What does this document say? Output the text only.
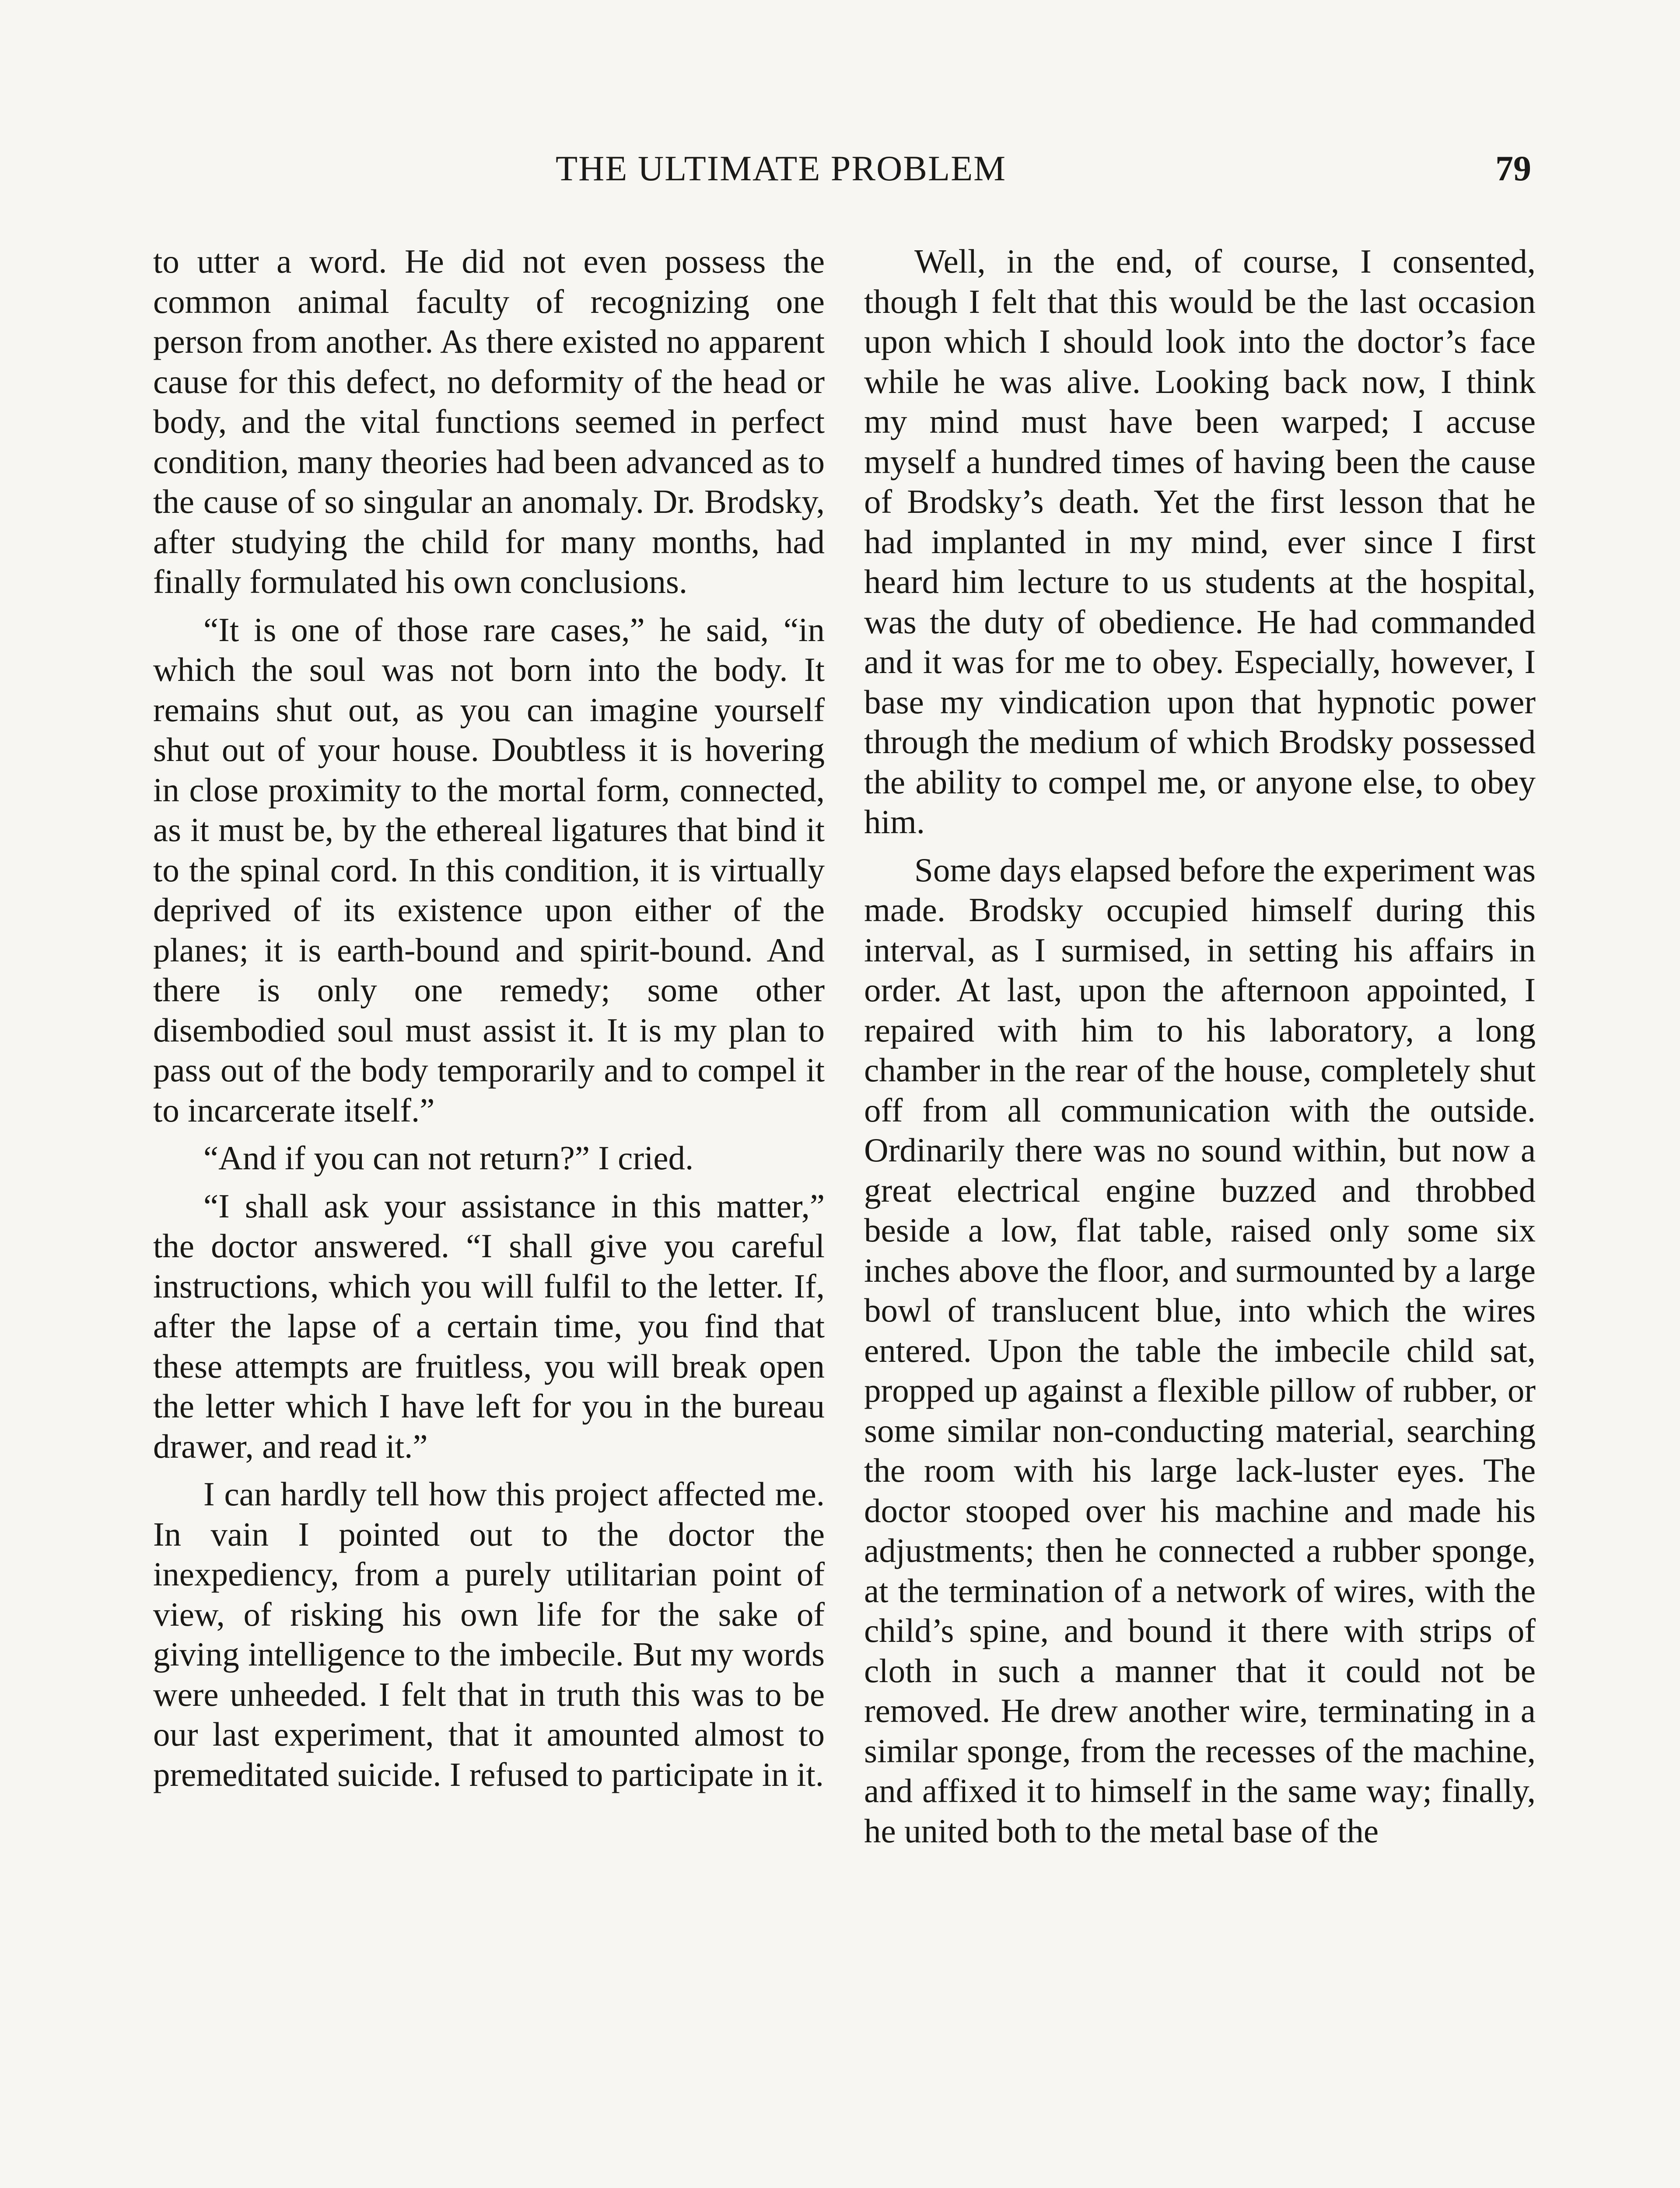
THE ULTIMATE PROBLEM	79

to utter a word. He did not even possess the common animal faculty of recognizing one person from another. As there existed no apparent cause for this defect, no deformity of the head or body, and the vital functions seemed in perfect condition, many theories had been advanced as to the cause of so singular an anomaly. Dr. Brodsky, after studying the child for many months, had finally formulated his own conclusions.

“It is one of those rare cases,” he said, “in which the soul was not born into the body. It remains shut out, as you can imagine yourself shut out of your house. Doubtless it is hovering in close proximity to the mortal form, connected, as it must be, by the ethereal ligatures that bind it to the spinal cord. In this condition, it is virtually deprived of its existence upon either of the planes; it is earth-bound and spirit-bound. And there is only one remedy; some other disembodied soul must assist it. It is my plan to pass out of the body temporarily and to compel it to incarcerate itself.”

“And if you can not return?” I cried.

“I shall ask your assistance in this matter,” the doctor answered. “I shall give you careful instructions, which you will fulfil to the letter. If, after the lapse of a certain time, you find that these attempts are fruitless, you will break open the letter which I have left for you in the bureau drawer, and read it.”

I can hardly tell how this project affected me. In vain I pointed out to the doctor the inexpediency, from a purely utilitarian point of view, of risking his own life for the sake of giving intelligence to the imbecile. But my words were unheeded. I felt that in truth this was to be our last experiment, that it amounted almost to premeditated suicide. I refused to participate in it.

Well, in the end, of course, I consented, though I felt that this would be the last occasion upon which I should look into the doctor’s face while he was alive. Looking back now, I think my mind must have been warped; I accuse myself a hundred times of having been the cause of Brodsky’s death. Yet the first lesson that he had implanted in my mind, ever since I first heard him lecture to us students at the hospital, was the duty of obedience. He had commanded and it was for me to obey. Especially, however, I base my vindication upon that hypnotic power through the medium of which Brodsky possessed the ability to compel me, or anyone else, to obey him.

Some days elapsed before the experiment was made. Brodsky occupied himself during this interval, as I surmised, in setting his affairs in order. At last, upon the afternoon appointed, I repaired with him to his laboratory, a long chamber in the rear of the house, completely shut off from all communication with the outside. Ordinarily there was no sound within, but now a great electrical engine buzzed and throbbed beside a low, flat table, raised only some six inches above the floor, and surmounted by a large bowl of translucent blue, into which the wires entered. Upon the table the imbecile child sat, propped up against a flexible pillow of rubber, or some similar non-conducting material, searching the room with his large lack-luster eyes. The doctor stooped over his machine and made his adjustments; then he connected a rubber sponge, at the termination of a network of wires, with the child’s spine, and bound it there with strips of cloth in such a manner that it could not be removed. He drew another wire, terminating in a similar sponge, from the recesses of the machine, and affixed it to himself in the same way; finally, he united both to the metal base of the
